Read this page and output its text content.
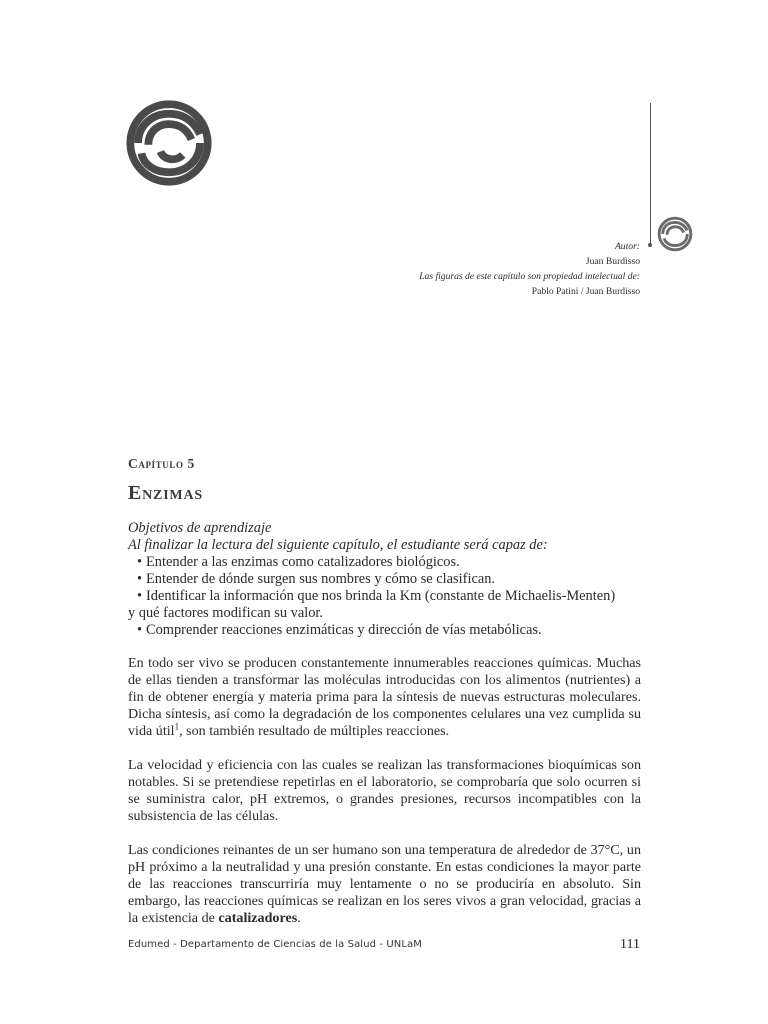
Autor:
Juan Burdisso
Las figuras de este capítulo son propiedad intelectual de:
Pablo Patini / Juan Burdisso
Capítulo 5
Enzimas

Objetivos de aprendizaje

Al finalizar la lectura del siguiente capítulo, el estudiante será capaz de:

• Entender a las enzimas como catalizadores biológicos.
• Entender de dónde surgen sus nombres y cómo se clasifican.
• Identificar la información que nos brinda la Km (constante de Michaelis-Menten)
y qué factores modifican su valor.
• Comprender reacciones enzimáticas y dirección de vías metabólicas.

En todo ser vivo se producen constantemente innumerables reacciones químicas. Muchas de ellas tienden a transformar las moléculas introducidas con los alimentos (nutrientes) a fin de obtener energía y materia prima para la síntesis de nuevas estructuras moleculares. Dicha síntesis, así como la degradación de los componentes celulares una vez cumplida su vida útil$^1$, son también resultado de múltiples reacciones.

La velocidad y eficiencia con las cuales se realizan las transformaciones bioquímicas son notables. Si se pretendiese repetirlas en el laboratorio, se comprobaría que solo ocurren si se suministra calor, pH extremos, o grandes presiones, recursos incompatibles con la subsistencia de las células.

Las condiciones reinantes de un ser humano son una temperatura de alrededor de 37°C, un pH próximo a la neutralidad y una presión constante. En estas condiciones la mayor parte de las reacciones transcurriría muy lentamente o no se produciría en absoluto. Sin embargo, las reacciones químicas se realizan en los seres vivos a gran velocidad, gracias a la existencia de catalizadores.

Edumed - Departamento de Ciencias de la Salud - UNLaM	111
